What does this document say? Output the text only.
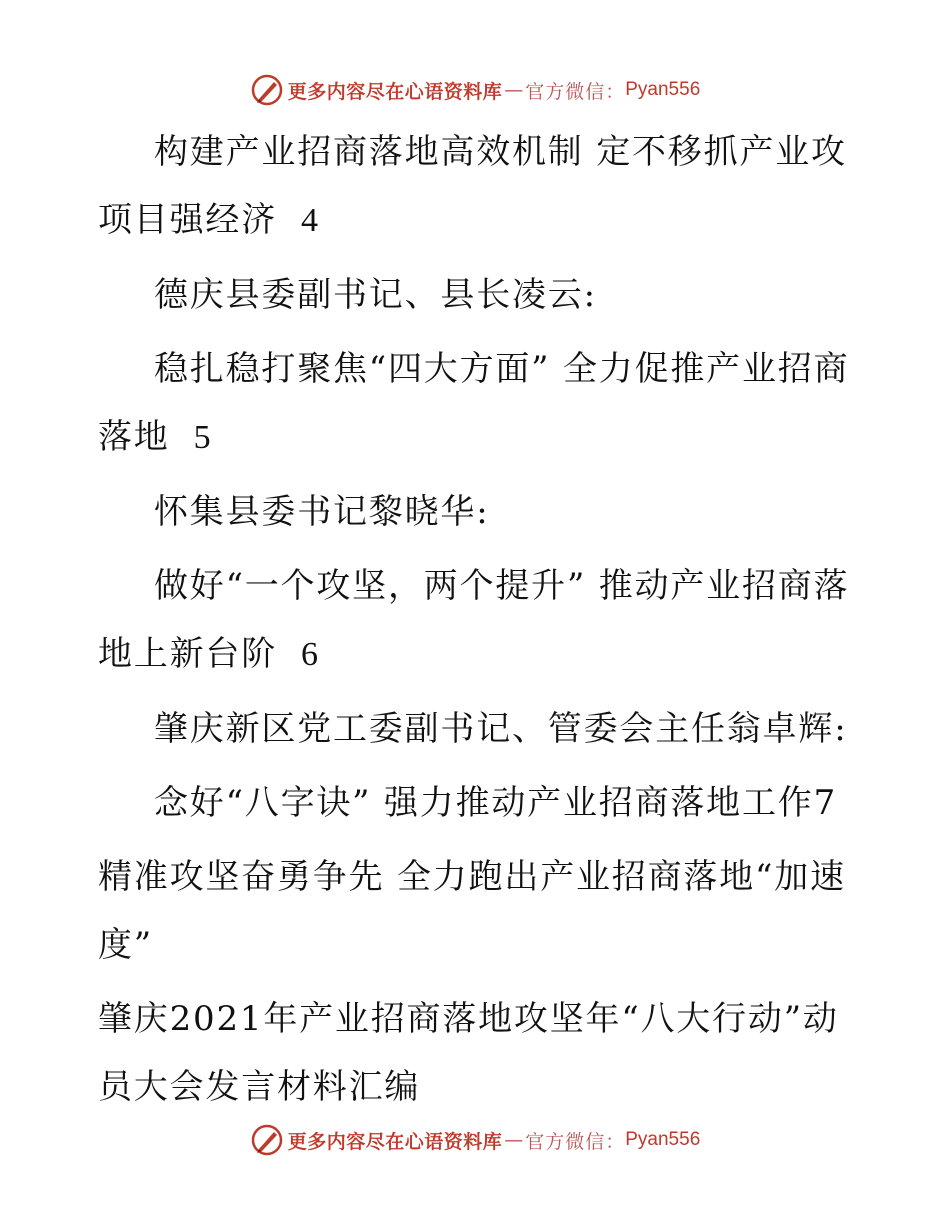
更多内容尽在心语资料库 — 官方微信： Pyan556

构建产业招商落地高效机制 定不移抓产业攻项目强经济 4

德庆县委副书记、县长凌云:

稳扎稳打聚焦“四大方面” 全力促推产业招商落地 5

怀集县委书记黎晓华:

做好“一个攻坚，两个提升” 推动产业招商落地上新台阶 6

肇庆新区党工委副书记、管委会主任翁卓辉:

念好“八字诀” 强力推动产业招商落地工作7

精准攻坚奋勇争先 全力跑出产业招商落地“加速度”

肇庆2021年产业招商落地攻坚年“八大行动”动员大会发言材料汇编

更多内容尽在心语资料库 — 官方微信： Pyan556
